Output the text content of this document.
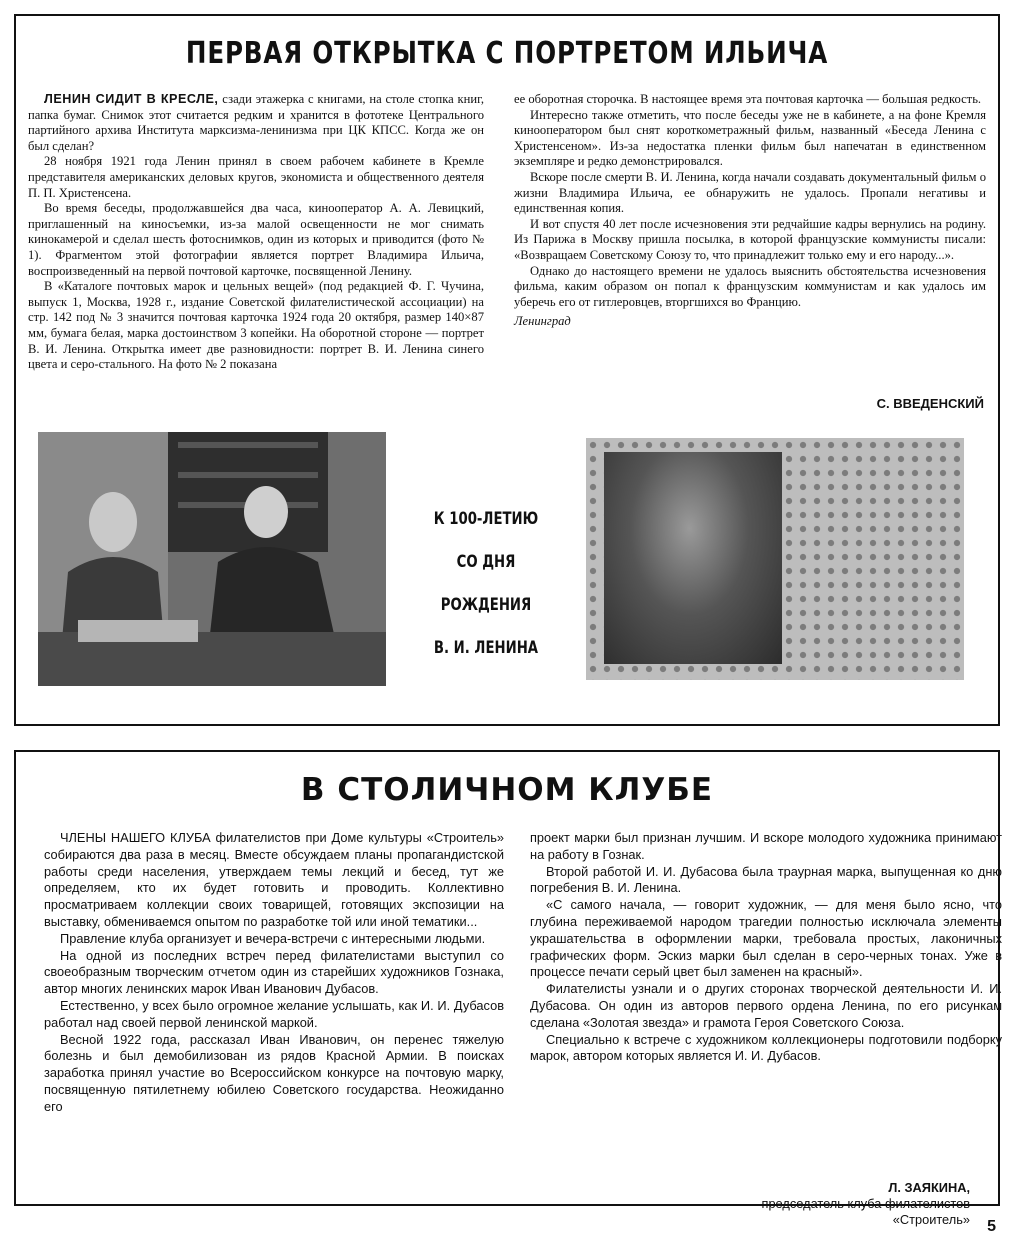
ПЕРВАЯ ОТКРЫТКА С ПОРТРЕТОМ ИЛЬИЧА

ЛЕНИН СИДИТ В КРЕСЛЕ, сзади этажерка с книгами, на столе стопка книг, папка бумаг. Снимок этот считается редким и хранится в фототеке Центрального партийного архива Института марксизма-ленинизма при ЦК КПСС. Когда же он был сделан?

28 ноября 1921 года Ленин принял в своем рабочем кабинете в Кремле представителя американских деловых кругов, экономиста и общественного деятеля П. П. Христенсена.

Во время беседы, продолжавшейся два часа, кинооператор А. А. Левицкий, приглашенный на киносъемки, из-за малой освещенности не мог снимать кинокамерой и сделал шесть фотоснимков, один из которых и приводится (фото № 1). Фрагментом этой фотографии является портрет Владимира Ильича, воспроизведенный на первой почтовой карточке, посвященной Ленину.

В «Каталоге почтовых марок и цельных вещей» (под редакцией Ф. Г. Чучина, выпуск 1, Москва, 1928 г., издание Советской филателистической ассоциации) на стр. 142 под № 3 значится почтовая карточка 1924 года 20 октября, размер 140×87 мм, бумага белая, марка достоинством 3 копейки. На оборотной стороне — портрет В. И. Ленина. Открытка имеет две разновидности: портрет В. И. Ленина синего цвета и серо-стального. На фото № 2 показана

ее оборотная сторочка. В настоящее время эта почтовая карточка — большая редкость.

Интересно также отметить, что после беседы уже не в кабинете, а на фоне Кремля кинооператором был снят короткометражный фильм, названный «Беседа Ленина с Христенсеном». Из-за недостатка пленки фильм был напечатан в единственном экземпляре и редко демонстрировался.

Вскоре после смерти В. И. Ленина, когда начали создавать документальный фильм о жизни Владимира Ильича, ее обнаружить не удалось. Пропали негативы и единственная копия.

И вот спустя 40 лет после исчезновения эти редчайшие кадры вернулись на родину. Из Парижа в Москву пришла посылка, в которой французские коммунисты писали: «Возвращаем Советскому Союзу то, что принадлежит только ему и его народу...».

Однако до настоящего времени не удалось выяснить обстоятельства исчезновения фильма, каким образом он попал к французским коммунистам и как удалось им уберечь его от гитлеровцев, вторгшихся во Францию.

Ленинград
С. ВВЕДЕНСКИЙ
К 100-ЛЕТИЮ
СО ДНЯ
РОЖДЕНИЯ
В. И. ЛЕНИНА
В СТОЛИЧНОМ КЛУБЕ

ЧЛЕНЫ НАШЕГО КЛУБА филателистов при Доме культуры «Строитель» собираются два раза в месяц. Вместе обсуждаем планы пропагандистской работы среди населения, утверждаем темы лекций и бесед, тут же определяем, кто их будет готовить и проводить. Коллективно просматриваем коллекции своих товарищей, готовящих экспозиции на выставку, обмениваемся опытом по разработке той или иной тематики...

Правление клуба организует и вечера-встречи с интересными людьми.

На одной из последних встреч перед филателистами выступил со своеобразным творческим отчетом один из старейших художников Гознака, автор многих ленинских марок Иван Иванович Дубасов.

Естественно, у всех было огромное желание услышать, как И. И. Дубасов работал над своей первой ленинской маркой.

Весной 1922 года, рассказал Иван Иванович, он перенес тяжелую болезнь и был демобилизован из рядов Красной Армии. В поисках заработка принял участие во Всероссийском конкурсе на почтовую марку, посвященную пятилетнему юбилею Советского государства. Неожиданно его

проект марки был признан лучшим. И вскоре молодого художника принимают на работу в Гознак.

Второй работой И. И. Дубасова была траурная марка, выпущенная ко дню погребения В. И. Ленина.

«С самого начала, — говорит художник, — для меня было ясно, что глубина переживаемой народом трагедии полностью исключала элементы украшательства в оформлении марки, требовала простых, лаконичных графических форм. Эскиз марки был сделан в серо-черных тонах. Уже в процессе печати серый цвет был заменен на красный».

Филателисты узнали и о других сторонах творческой деятельности И. И. Дубасова. Он один из авторов первого ордена Ленина, по его рисункам сделана «Золотая звезда» и грамота Героя Советского Союза.

Специально к встрече с художником коллекционеры подготовили подборку марок, автором которых является И. И. Дубасов.

Л. ЗАЯКИНА,
председатель клуба филателистов
«Строитель» 5
